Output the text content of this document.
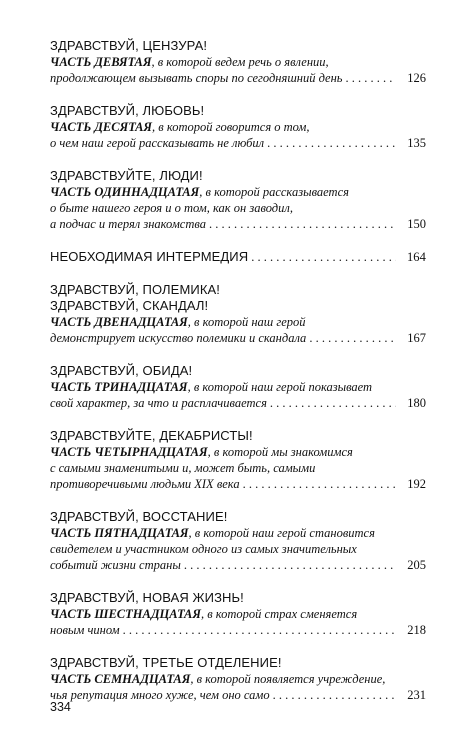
ЗДРАВСТВУЙ, ЦЕНЗУРА!
ЧАСТЬ ДЕВЯТАЯ, в которой ведем речь о явлении,
продолжающем вызывать споры по сегодняшний день . . .	126
ЗДРАВСТВУЙ, ЛЮБОВЬ!
ЧАСТЬ ДЕСЯТАЯ, в которой говорится о том,
о чем наш герой рассказывать не любил . . .	135
ЗДРАВСТВУЙТЕ, ЛЮДИ!
ЧАСТЬ ОДИННАДЦАТАЯ, в которой рассказывается
о быте нашего героя и о том, как он заводил,
а подчас и терял знакомства . . .	150
НЕОБХОДИМАЯ ИНТЕРМЕДИЯ . . .	164
ЗДРАВСТВУЙ, ПОЛЕМИКА!
ЗДРАВСТВУЙ, СКАНДАЛ!
ЧАСТЬ ДВЕНАДЦАТАЯ, в которой наш герой
демонстрирует искусство полемики и скандала . . .	167
ЗДРАВСТВУЙ, ОБИДА!
ЧАСТЬ ТРИНАДЦАТАЯ, в которой наш герой показывает
свой характер, за что и расплачивается . . .	180
ЗДРАВСТВУЙТЕ, ДЕКАБРИСТЫ!
ЧАСТЬ ЧЕТЫРНАДЦАТАЯ, в которой мы знакомимся
с самыми знаменитыми и, может быть, самыми
противоречивыми людьми XIX века . . .	192
ЗДРАВСТВУЙ, ВОССТАНИЕ!
ЧАСТЬ ПЯТНАДЦАТАЯ, в которой наш герой становится
свидетелем и участником одного из самых значительных
событий жизни страны . . .	205
ЗДРАВСТВУЙ, НОВАЯ ЖИЗНЬ!
ЧАСТЬ ШЕСТНАДЦАТАЯ, в которой страх сменяется
новым чином . . .	218
ЗДРАВСТВУЙ, ТРЕТЬЕ ОТДЕЛЕНИЕ!
ЧАСТЬ СЕМНАДЦАТАЯ, в которой появляется учреждение,
чья репутация много хуже, чем оно само . . .	231
334
